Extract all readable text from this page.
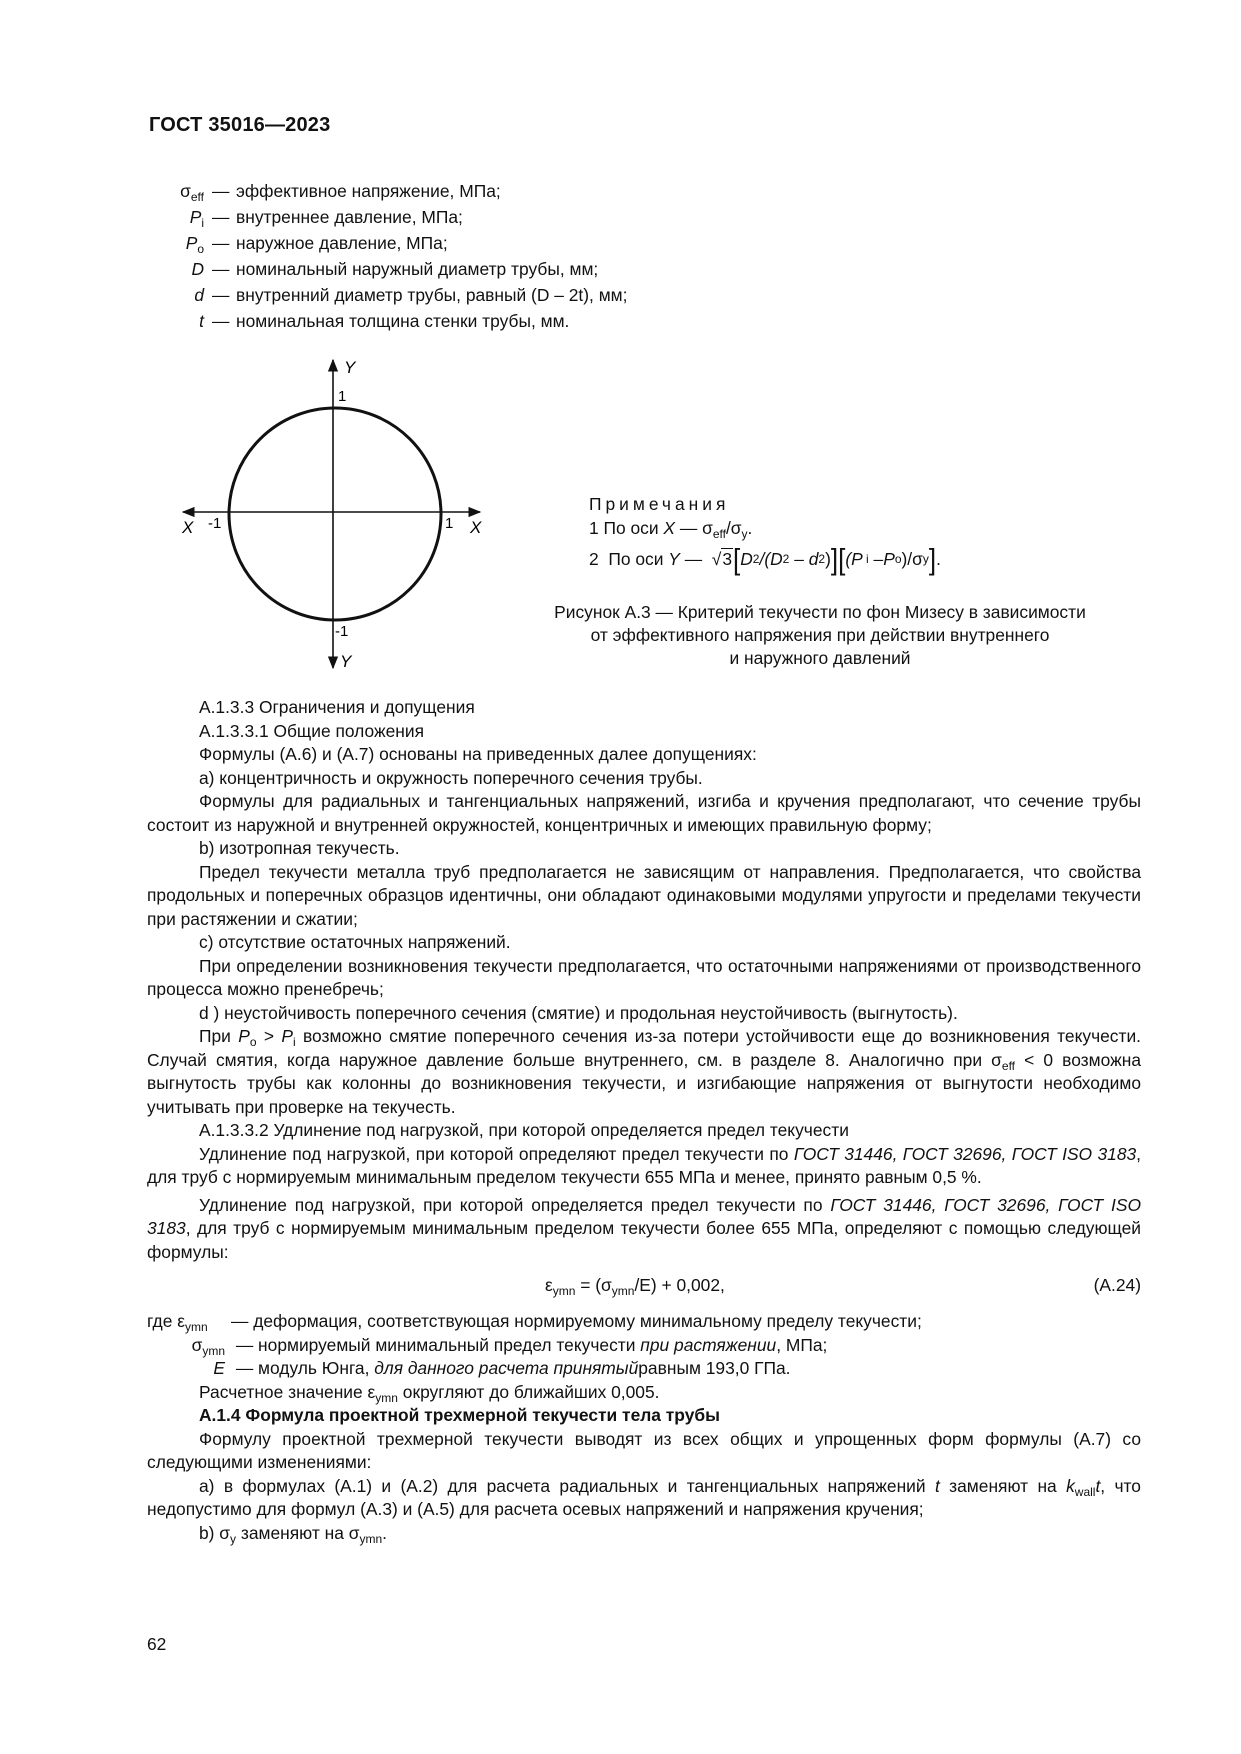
ГОСТ 35016—2023
$\sigma_{eff}$ — эффективное напряжение, МПа;
$P_i$ — внутреннее давление, МПа;
$P_o$ — наружное давление, МПа;
D — номинальный наружный диаметр трубы, мм;
d — внутренний диаметр трубы, равный (D – 2t), мм;
t — номинальная толщина стенки трубы, мм.
Y
Y
X	X
1
-1
-1	1
Примечания
1 По оси X — $\sigma_{eff}/\sigma_y$.
2  По оси Y — √ 3 [ D 2 /(D 2 – d 2 ) ] [ (P i –P o )/σ y ] .
Рисунок А.3 — Критерий текучести по фон Мизесу в зависимости
от эффективного напряжения при действии внутреннего
и наружного давлений

А.1.3.3 Ограничения и допущения

А.1.3.3.1 Общие положения

Формулы (А.6) и (А.7) основаны на приведенных далее допущениях:

а) концентричность и окружность поперечного сечения трубы.

Формулы для радиальных и тангенциальных напряжений, изгиба и кручения предполагают, что сечение трубы состоит из наружной и внутренней окружностей, концентричных и имеющих правильную форму;

b) изотропная текучесть.

Предел текучести металла труб предполагается не зависящим от направления. Предполагается, что свойства продольных и поперечных образцов идентичны, они обладают одинаковыми модулями упругости и пределами текучести при растяжении и сжатии;

c) отсутствие остаточных напряжений.

При определении возникновения текучести предполагается, что остаточными напряжениями от производственного процесса можно пренебречь;

d ) неустойчивость поперечного сечения (смятие) и продольная неустойчивость (выгнутость).

При $P_o > P_i$ возможно смятие поперечного сечения из-за потери устойчивости еще до возникновения текучести. Случай смятия, когда наружное давление больше внутреннего, см. в разделе 8. Аналогично при $\sigma_{eff} < 0$ возможна выгнутость трубы как колонны до возникновения текучести, и изгибающие напряжения от выгнутости необходимо учитывать при проверке на текучесть.

А.1.3.3.2 Удлинение под нагрузкой, при которой определяется предел текучести

Удлинение под нагрузкой, при которой определяют предел текучести по ГОСТ 31446, ГОСТ 32696, ГОСТ ISO 3183, для труб с нормируемым минимальным пределом текучести 655 МПа и менее, принято равным 0,5 %.

Удлинение под нагрузкой, при которой определяется предел текучести по ГОСТ 31446, ГОСТ 32696, ГОСТ ISO 3183, для труб с нормируемым минимальным пределом текучести более 655 МПа, определяют с помощью следующей формулы:

$\varepsilon_{ymn} = (\sigma_{ymn}/E) + 0,002$,	(А.24)

где $\varepsilon_{ymn}$	— деформация, соответствующая нормируемому минимальному пределу текучести;

$\sigma_{ymn}$ — нормируемый минимальный предел текучести при растяжении , МПа;

E — модуль Юнга, для данного расчета принятый равным 193,0 ГПа.

Расчетное значение $\varepsilon_{ymn}$ округляют до ближайших 0,005.

А.1.4 Формула проектной трехмерной текучести тела трубы

Формулу проектной трехмерной текучести выводят из всех общих и упрощенных форм формулы (А.7) со следующими изменениями:

а) в формулах (А.1) и (А.2) для расчета радиальных и тангенциальных напряжений t заменяют на $k_{wall}t$, что недопустимо для формул (А.3) и (А.5) для расчета осевых напряжений и напряжения кручения;

b) $\sigma_y$ заменяют на $\sigma_{ymn}$.

62
